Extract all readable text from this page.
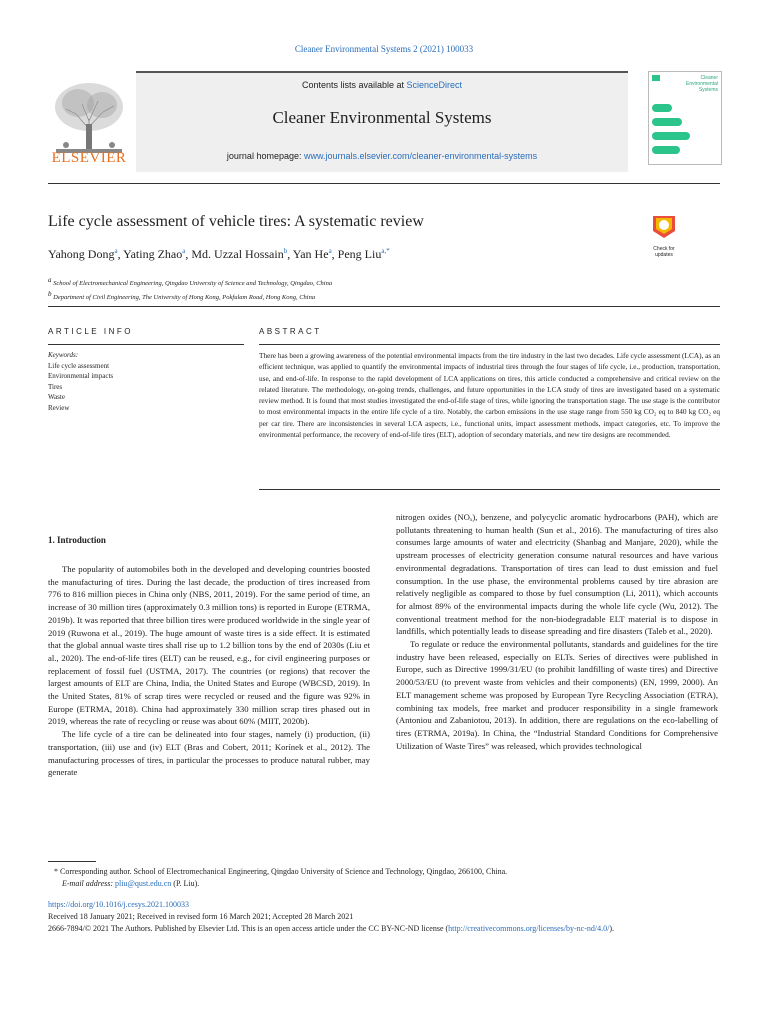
Cleaner Environmental Systems 2 (2021) 100033
ELSEVIER
Contents lists available at ScienceDirect
Cleaner Environmental Systems
journal homepage: www.journals.elsevier.com/cleaner-environmental-systems
Cleaner Environmental Systems
Life cycle assessment of vehicle tires: A systematic review
Check for updates
Yahong Dong$^a$, Yating Zhao$^a$, Md. Uzzal Hossain$^b$, Yan He$^a$, Peng Liu$^{a,*}$
$^a$ School of Electromechanical Engineering, Qingdao University of Science and Technology, Qingdao, China
$^b$ Department of Civil Engineering, The University of Hong Kong, Pokfulam Road, Hong Kong, China
ARTICLE INFO	ABSTRACT
Keywords:
Life cycle assessment
Environmental impacts
Tires
Waste
Review
There has been a growing awareness of the potential environmental impacts from the tire industry in the last two decades. Life cycle assessment (LCA), as an efficient technique, was applied to quantify the environmental impacts of industrial tires through the four stages of life cycle, i.e., production, transportation, use, and end-of-life. In response to the rapid development of LCA applications on tires, this article conducted a comprehensive and critical review on the related literature. The methodology, on-going trends, challenges, and future opportunities in the LCA study of tires are investigated based on a systematic review method. It is found that most studies investigated the end-of-life stage of tires, while ignoring the transportation stage. The use stage is the contributor to most environmental impacts in the entire life cycle of a tire. Notably, the carbon emissions in the use stage range from 550 kg CO₂ eq to 840 kg CO₂ eq per car tire. There are inconsistencies in several LCA aspects, i.e., functional units, impact assessment methods, impact categories, etc. To improve the environmental performance, the recovery of end-of-life tires (ELT), adoption of secondary materials, and new tire designs are recommended.
1. Introduction

The popularity of automobiles both in the developed and developing countries boosted the manufacturing of tires. During the last decade, the production of tires increased from 776 to 816 million pieces in China only (NBS, 2011, 2019). For the same period of time, an increase of 30 million tires (approximately 0.3 million tons) is reported in Europe (ETRMA, 2019b). It was reported that three billion tires were produced worldwide in the single year of 2019 (Ruwona et al., 2019). The huge amount of waste tires is a side effect. It is estimated that the global annual waste tires shall rise up to 1.2 billion tons by the end of 2030s (Liu et al., 2020). The end-of-life tires (ELT) can be reused, e.g., for civil engineering purposes or replacement of fossil fuel (USTMA, 2017). The countries (or regions) that recover the largest amounts of ELT are China, India, the United States and Europe (WBCSD, 2019). In the United States, 81% of scrap tires were recycled or reused and the figure was 92% in Europe (ETRMA, 2018). China had approximately 330 million scrap tires phased out in 2019, whereas the rate of recycling or reuse was about 60% (MIIT, 2020b).

The life cycle of a tire can be delineated into four stages, namely (i) production, (ii) transportation, (iii) use and (iv) ELT (Bras and Cobert, 2011; Korínek et al., 2012). The manufacturing processes of tires, in particular the processes to produce natural rubber, may generate

nitrogen oxides (NOₓ), benzene, and polycyclic aromatic hydrocarbons (PAH), which are pollutants threatening to human health (Sun et al., 2016). The manufacturing of tires also consumes large amounts of water and electricity (Shanbag and Manjare, 2020), while the upstream processes of electricity generation consume natural resources and have various environmental degradations. Transportation of tires can lead to dust emission and fuel consumption. In the use phase, the environmental problems caused by tire abrasion are relatively negligible as compared to those by fuel consumption (Li, 2011), which accounts for almost 89% of the environmental impacts during the whole life cycle (Wu, 2012). The conventional treatment method for the non-biodegradable ELT material is to dispose in landfills, which potentially leads to disease spreading and fire disasters (Taleb et al., 2020).

To regulate or reduce the environmental pollutants, standards and guidelines for the tire industry have been released, especially on ELTs. Series of directives were published in Europe, such as Directive 1999/31/EU (to prohibit landfilling of waste tires) and Directive 2000/53/EU (to prevent waste from vehicles and their components) (EN, 1999, 2000). An ELT management scheme was proposed by European Tyre Recycling Association (ETRA), combining tax models, free market and producer responsibility in a single framework (Antoniou and Zabaniotou, 2013). In addition, there are regulations on the eco-labelling of tires (ETRMA, 2019a). In China, the “Industrial Standard Conditions for Comprehensive Utilization of Waste Tires” was released, which provides technological

* Corresponding author. School of Electromechanical Engineering, Qingdao University of Science and Technology, Qingdao, 266100, China.
E-mail address: pliu@qust.edu.cn (P. Liu).
https://doi.org/10.1016/j.cesys.2021.100033
Received 18 January 2021; Received in revised form 16 March 2021; Accepted 28 March 2021
2666-7894/© 2021 The Authors. Published by Elsevier Ltd. This is an open access article under the CC BY-NC-ND license (http://creativecommons.org/licenses/by-nc-nd/4.0/).
